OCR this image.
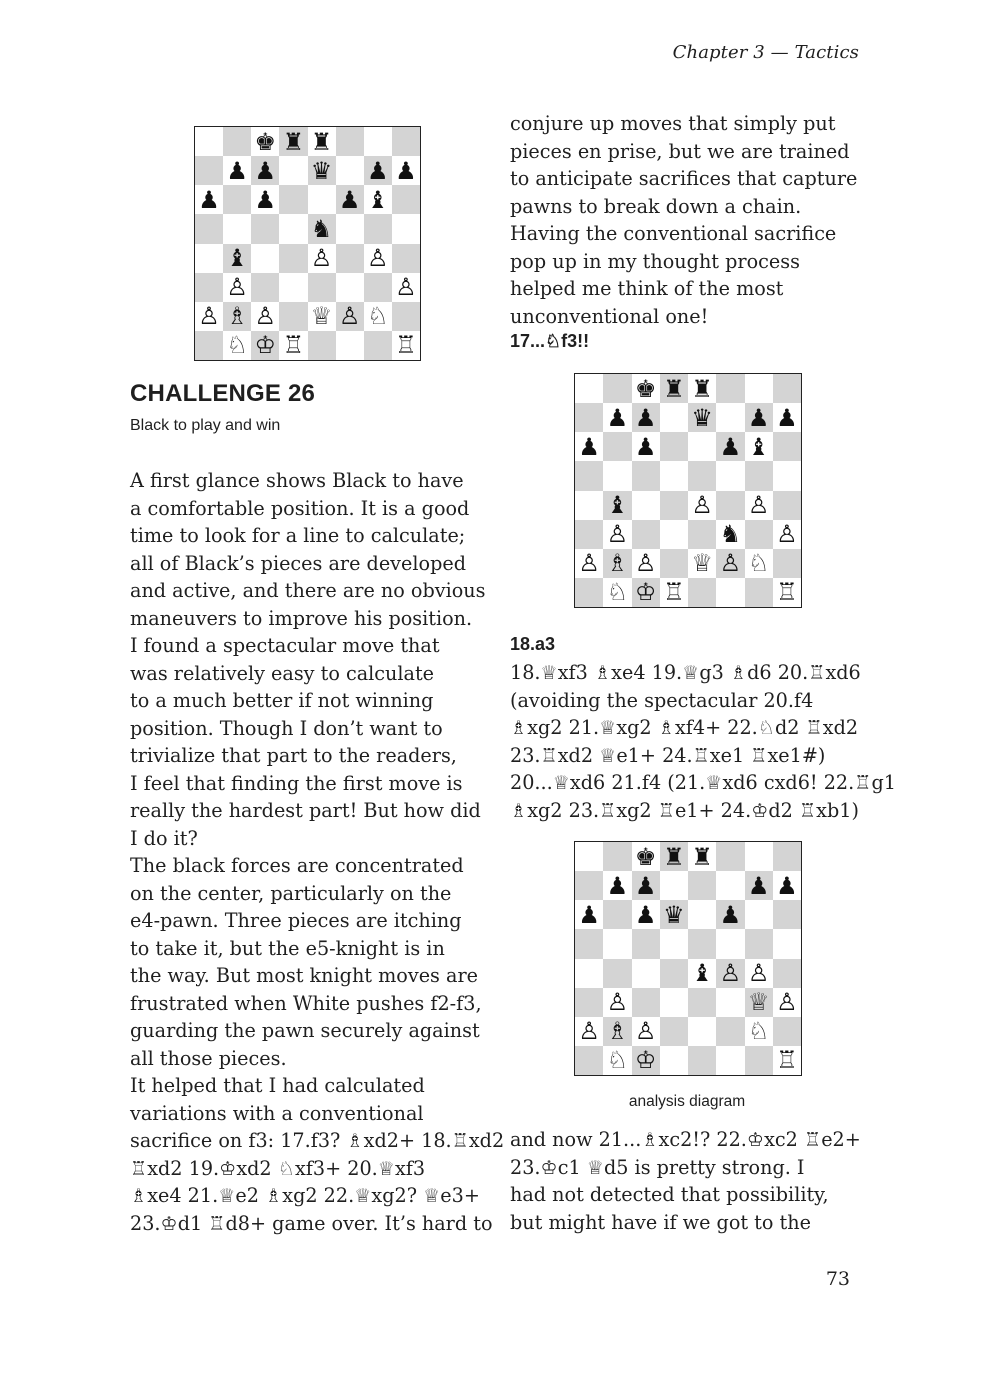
Chapter 3 — Tactics
♚ ♜ ♜
♟ ♟ ♛ ♟ ♟
♟ ♟	♟ ♝
♞
♝	♙ ♙
♙	♙
♙ ♗ ♙ ♕ ♙ ♘
♘ ♔ ♖	♖
CHALLENGE 26
Black to play and win
A first glance shows Black to have
a comfortable position. It is a good
time to look for a line to calculate;
all of Black’s pieces are developed
and active, and there are no obvious
maneuvers to improve his position.
I found a spectacular move that
was relatively easy to calculate
to a much better if not winning
position. Though I don’t want to
trivialize that part to the readers,
I feel that finding the first move is
really the hardest part! But how did
I do it?
The black forces are concentrated
on the center, particularly on the
e4-pawn. Three pieces are itching
to take it, but the e5-knight is in
the way. But most knight moves are
frustrated when White pushes f2-f3,
guarding the pawn securely against
all those pieces.
It helped that I had calculated
variations with a conventional
sacrifice on f3: 17.f3? ♗xd2+ 18.♖xd2
♖xd2 19.♔xd2 ♘xf3+ 20.♕xf3
♗xe4 21.♕e2 ♗xg2 22.♕xg2? ♕e3+
23.♔d1 ♖d8+ game over. It’s hard to
conjure up moves that simply put
pieces en prise, but we are trained
to anticipate sacrifices that capture
pawns to break down a chain.
Having the conventional sacrifice
pop up in my thought process
helped me think of the most
unconventional one!
17...♘f3!!
♚ ♜ ♜
♟ ♟ ♛ ♟ ♟
♟ ♟	♟ ♝
♝	♙ ♙
♙	♞ ♙
♙ ♗ ♙ ♕ ♙ ♘
♘ ♔ ♖	♖
18.a3
18.♕xf3 ♗xe4 19.♕g3 ♗d6 20.♖xd6
(avoiding the spectacular 20.f4
♗xg2 21.♕xg2 ♗xf4+ 22.♘d2 ♖xd2
23.♖xd2 ♕e1+ 24.♖xe1 ♖xe1#)
20...♕xd6 21.f4 (21.♕xd6 cxd6! 22.♖g1
♗xg2 23.♖xg2 ♖e1+ 24.♔d2 ♖xb1)
♚ ♜ ♜
♟ ♟	♟ ♟
♟ ♟ ♛ ♟
♝ ♙ ♙
♙	♕ ♙
♙ ♗ ♙	♘
♘ ♔	♖
analysis diagram
and now 21...♗xc2!? 22.♔xc2 ♖e2+
23.♔c1 ♕d5 is pretty strong. I
had not detected that possibility,
but might have if we got to the
73
